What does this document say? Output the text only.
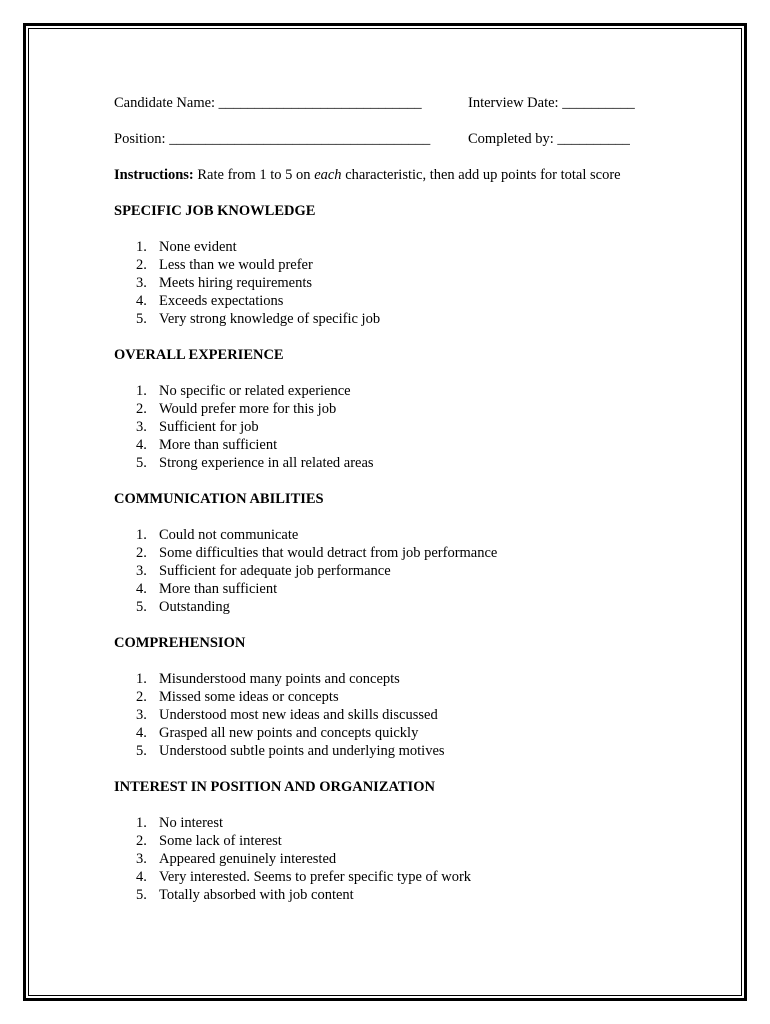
Candidate Name: ____________________________	Interview Date: __________
Position: ____________________________________	Completed by: __________
Instructions: Rate from 1 to 5 on each characteristic, then add up points for total score
SPECIFIC JOB KNOWLEDGE
1. None evident
2. Less than we would prefer
3. Meets hiring requirements
4. Exceeds expectations
5. Very strong knowledge of specific job
OVERALL EXPERIENCE
1. No specific or related experience
2. Would prefer more for this job
3. Sufficient for job
4. More than sufficient
5. Strong experience in all related areas
COMMUNICATION ABILITIES
1. Could not communicate
2. Some difficulties that would detract from job performance
3. Sufficient for adequate job performance
4. More than sufficient
5. Outstanding
COMPREHENSION
1. Misunderstood many points and concepts
2. Missed some ideas or concepts
3. Understood most new ideas and skills discussed
4. Grasped all new points and concepts quickly
5. Understood subtle points and underlying motives
INTEREST IN POSITION AND ORGANIZATION
1. No interest
2. Some lack of interest
3. Appeared genuinely interested
4. Very interested. Seems to prefer specific type of work
5. Totally absorbed with job content
